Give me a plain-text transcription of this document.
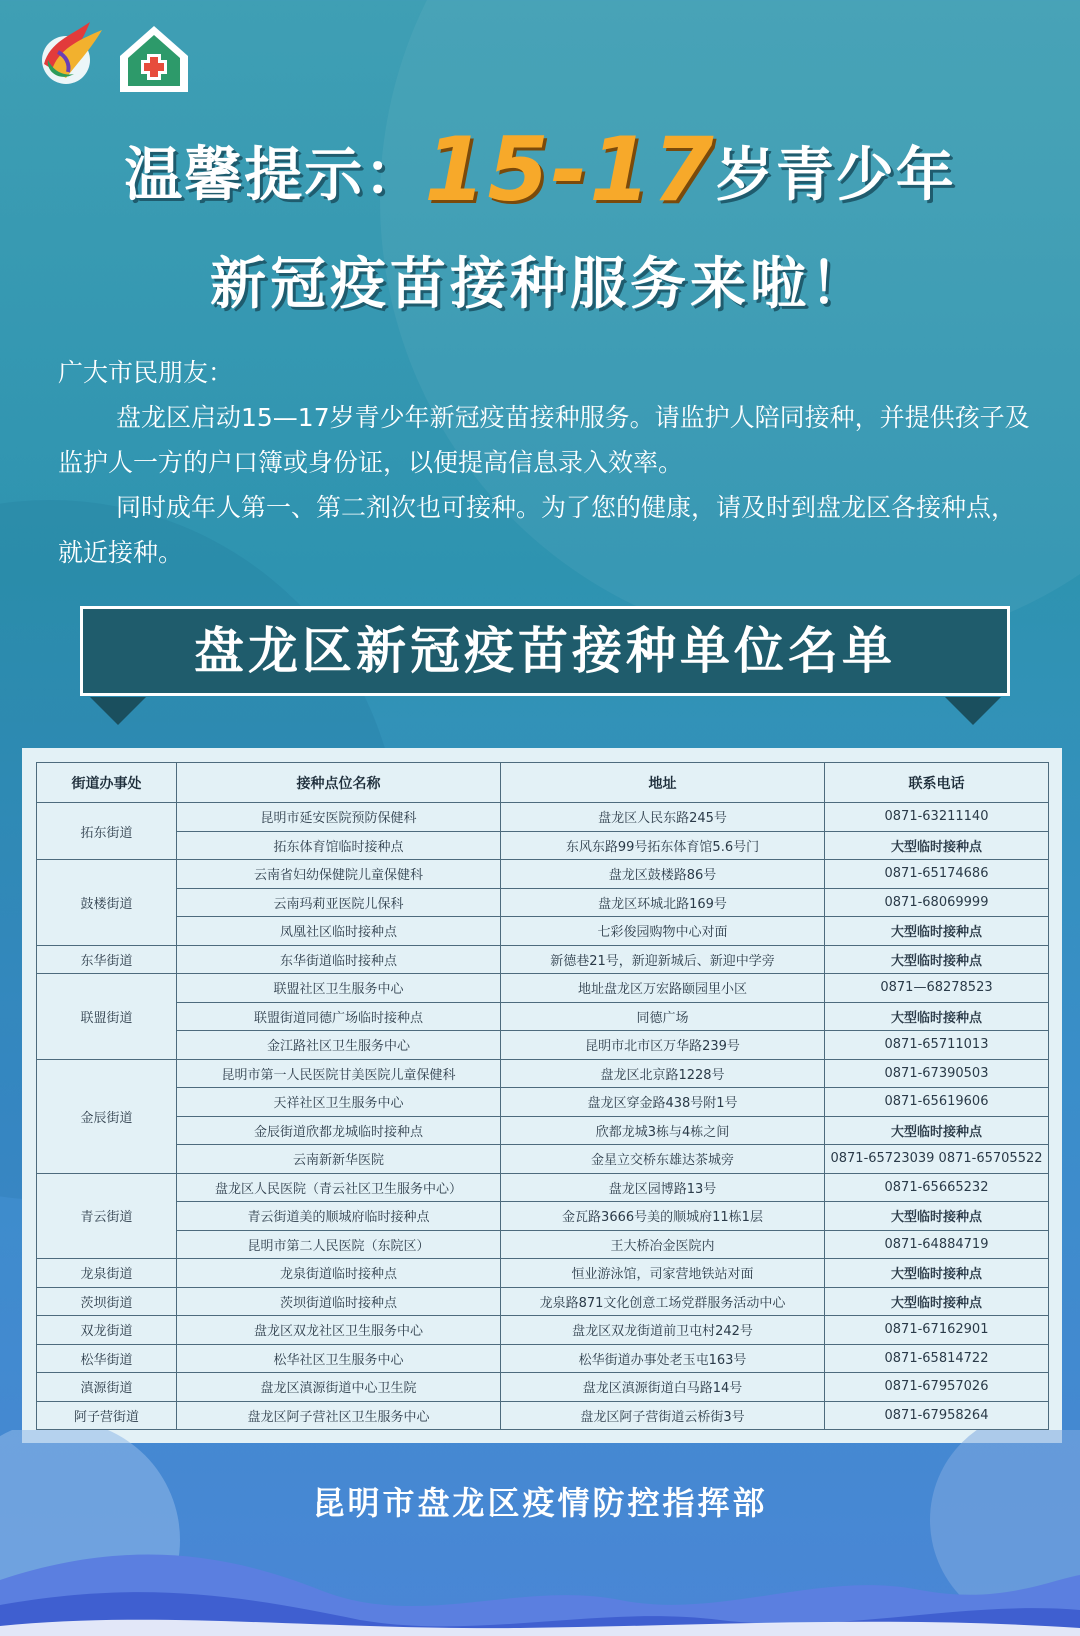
温馨提示：15-17岁青少年
新冠疫苗接种服务来啦！

广大市民朋友：

盘龙区启动15—17岁青少年新冠疫苗接种服务。请监护人陪同接种，并提供孩子及监护人一方的户口簿或身份证，以便提高信息录入效率。

同时成年人第一、第二剂次也可接种。为了您的健康，请及时到盘龙区各接种点，就近接种。

盘龙区新冠疫苗接种单位名单
街道办事处	接种点位名称	地址	联系电话
拓东街道	昆明市延安医院预防保健科	盘龙区人民东路245号	0871-63211140
	拓东体育馆临时接种点	东风东路99号拓东体育馆5.6号门	大型临时接种点
鼓楼街道	云南省妇幼保健院儿童保健科	盘龙区鼓楼路86号	0871-65174686
	云南玛莉亚医院儿保科	盘龙区环城北路169号	0871-68069999
	凤凰社区临时接种点	七彩俊园购物中心对面	大型临时接种点
东华街道	东华街道临时接种点	新德巷21号，新迎新城后、新迎中学旁	大型临时接种点
联盟街道	联盟社区卫生服务中心	地址盘龙区万宏路颐园里小区	0871—68278523
	联盟街道同德广场临时接种点	同德广场	大型临时接种点
	金江路社区卫生服务中心	昆明市北市区万华路239号	0871-65711013
金辰街道	昆明市第一人民医院甘美医院儿童保健科	盘龙区北京路1228号	0871-67390503
	天祥社区卫生服务中心	盘龙区穿金路438号附1号	0871-65619606
	金辰街道欣都龙城临时接种点	欣都龙城3栋与4栋之间	大型临时接种点
	云南新新华医院	金星立交桥东雄达茶城旁	0871-65723039 0871-65705522
青云街道	盘龙区人民医院（青云社区卫生服务中心）	盘龙区园博路13号	0871-65665232
	青云街道美的顺城府临时接种点	金瓦路3666号美的顺城府11栋1层	大型临时接种点
	昆明市第二人民医院（东院区）	王大桥冶金医院内	0871-64884719
龙泉街道	龙泉街道临时接种点	恒业游泳馆，司家营地铁站对面	大型临时接种点
茨坝街道	茨坝街道临时接种点	龙泉路871文化创意工场党群服务活动中心	大型临时接种点
双龙街道	盘龙区双龙社区卫生服务中心	盘龙区双龙街道前卫屯村242号	0871-67162901
松华街道	松华社区卫生服务中心	松华街道办事处老玉屯163号	0871-65814722
滇源街道	盘龙区滇源街道中心卫生院	盘龙区滇源街道白马路14号	0871-67957026
阿子营街道	盘龙区阿子营社区卫生服务中心	盘龙区阿子营街道云桥街3号	0871-67958264
昆明市盘龙区疫情防控指挥部
